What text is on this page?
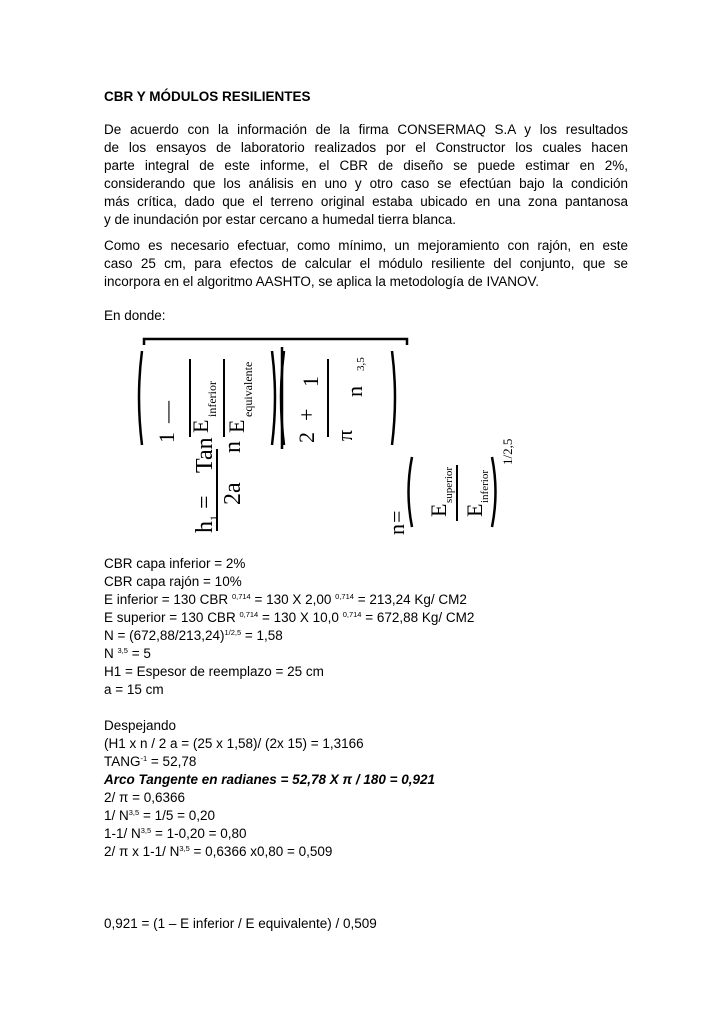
CBR Y MÓDULOS RESILIENTES
De acuerdo con la información de la firma CONSERMAQ S.A y los resultados
de los ensayos de laboratorio realizados por el Constructor los cuales hacen
parte integral de este informe, el CBR de diseño se puede estimar en 2%,
considerando que los análisis en uno y otro caso se efectúan bajo la condición
más crítica, dado que el terreno original estaba ubicado en una zona pantanosa
y de inundación por estar cercano a humedal tierra blanca.
Como es necesario efectuar, como mínimo, un mejoramiento con rajón, en este
caso 25 cm, para efectos de calcular el módulo resiliente del conjunto, que se
incorpora en el algoritmo AASHTO, se aplica la metodología de IVANOV.
En donde:
1
—
E
inferior
E
equivalente
2
+
π
1
n
3,5
h
1
= 2a
Tan n
n
= E
superior
E
inferior
1/2,5
CBR capa inferior = 2%
CBR capa rajón = 10%
E inferior = 130 CBR $^{0,714}$ = 130 X 2,00 $^{0,714}$ = 213,24 Kg/ CM2
E superior = 130 CBR $^{0,714}$ = 130 X 10,0 $^{0,714}$ = 672,88 Kg/ CM2
$N = (672,88/213,24)^{1/2,5} = 1,58$
N $^{3,5}$ = 5
H1 = Espesor de reemplazo = 25 cm
a = 15 cm
Despejando
(H1 x n / 2 a = (25 x 1,58)/ (2x 15) = 1,3166
$TANG^{-1} = 52,78$
Arco Tangente en radianes = 52,78 X π / 180 = 0,921
2/ π = 0,6366
1/ N$^{3,5}$ = 1/5 = 0,20
1-1/ N$^{3,5}$ = 1-0,20 = 0,80
2/ π x 1-1/ N$^{3,5}$ = 0,6366 x0,80 = 0,509
0,921 = (1 – E inferior / E equivalente) / 0,509
